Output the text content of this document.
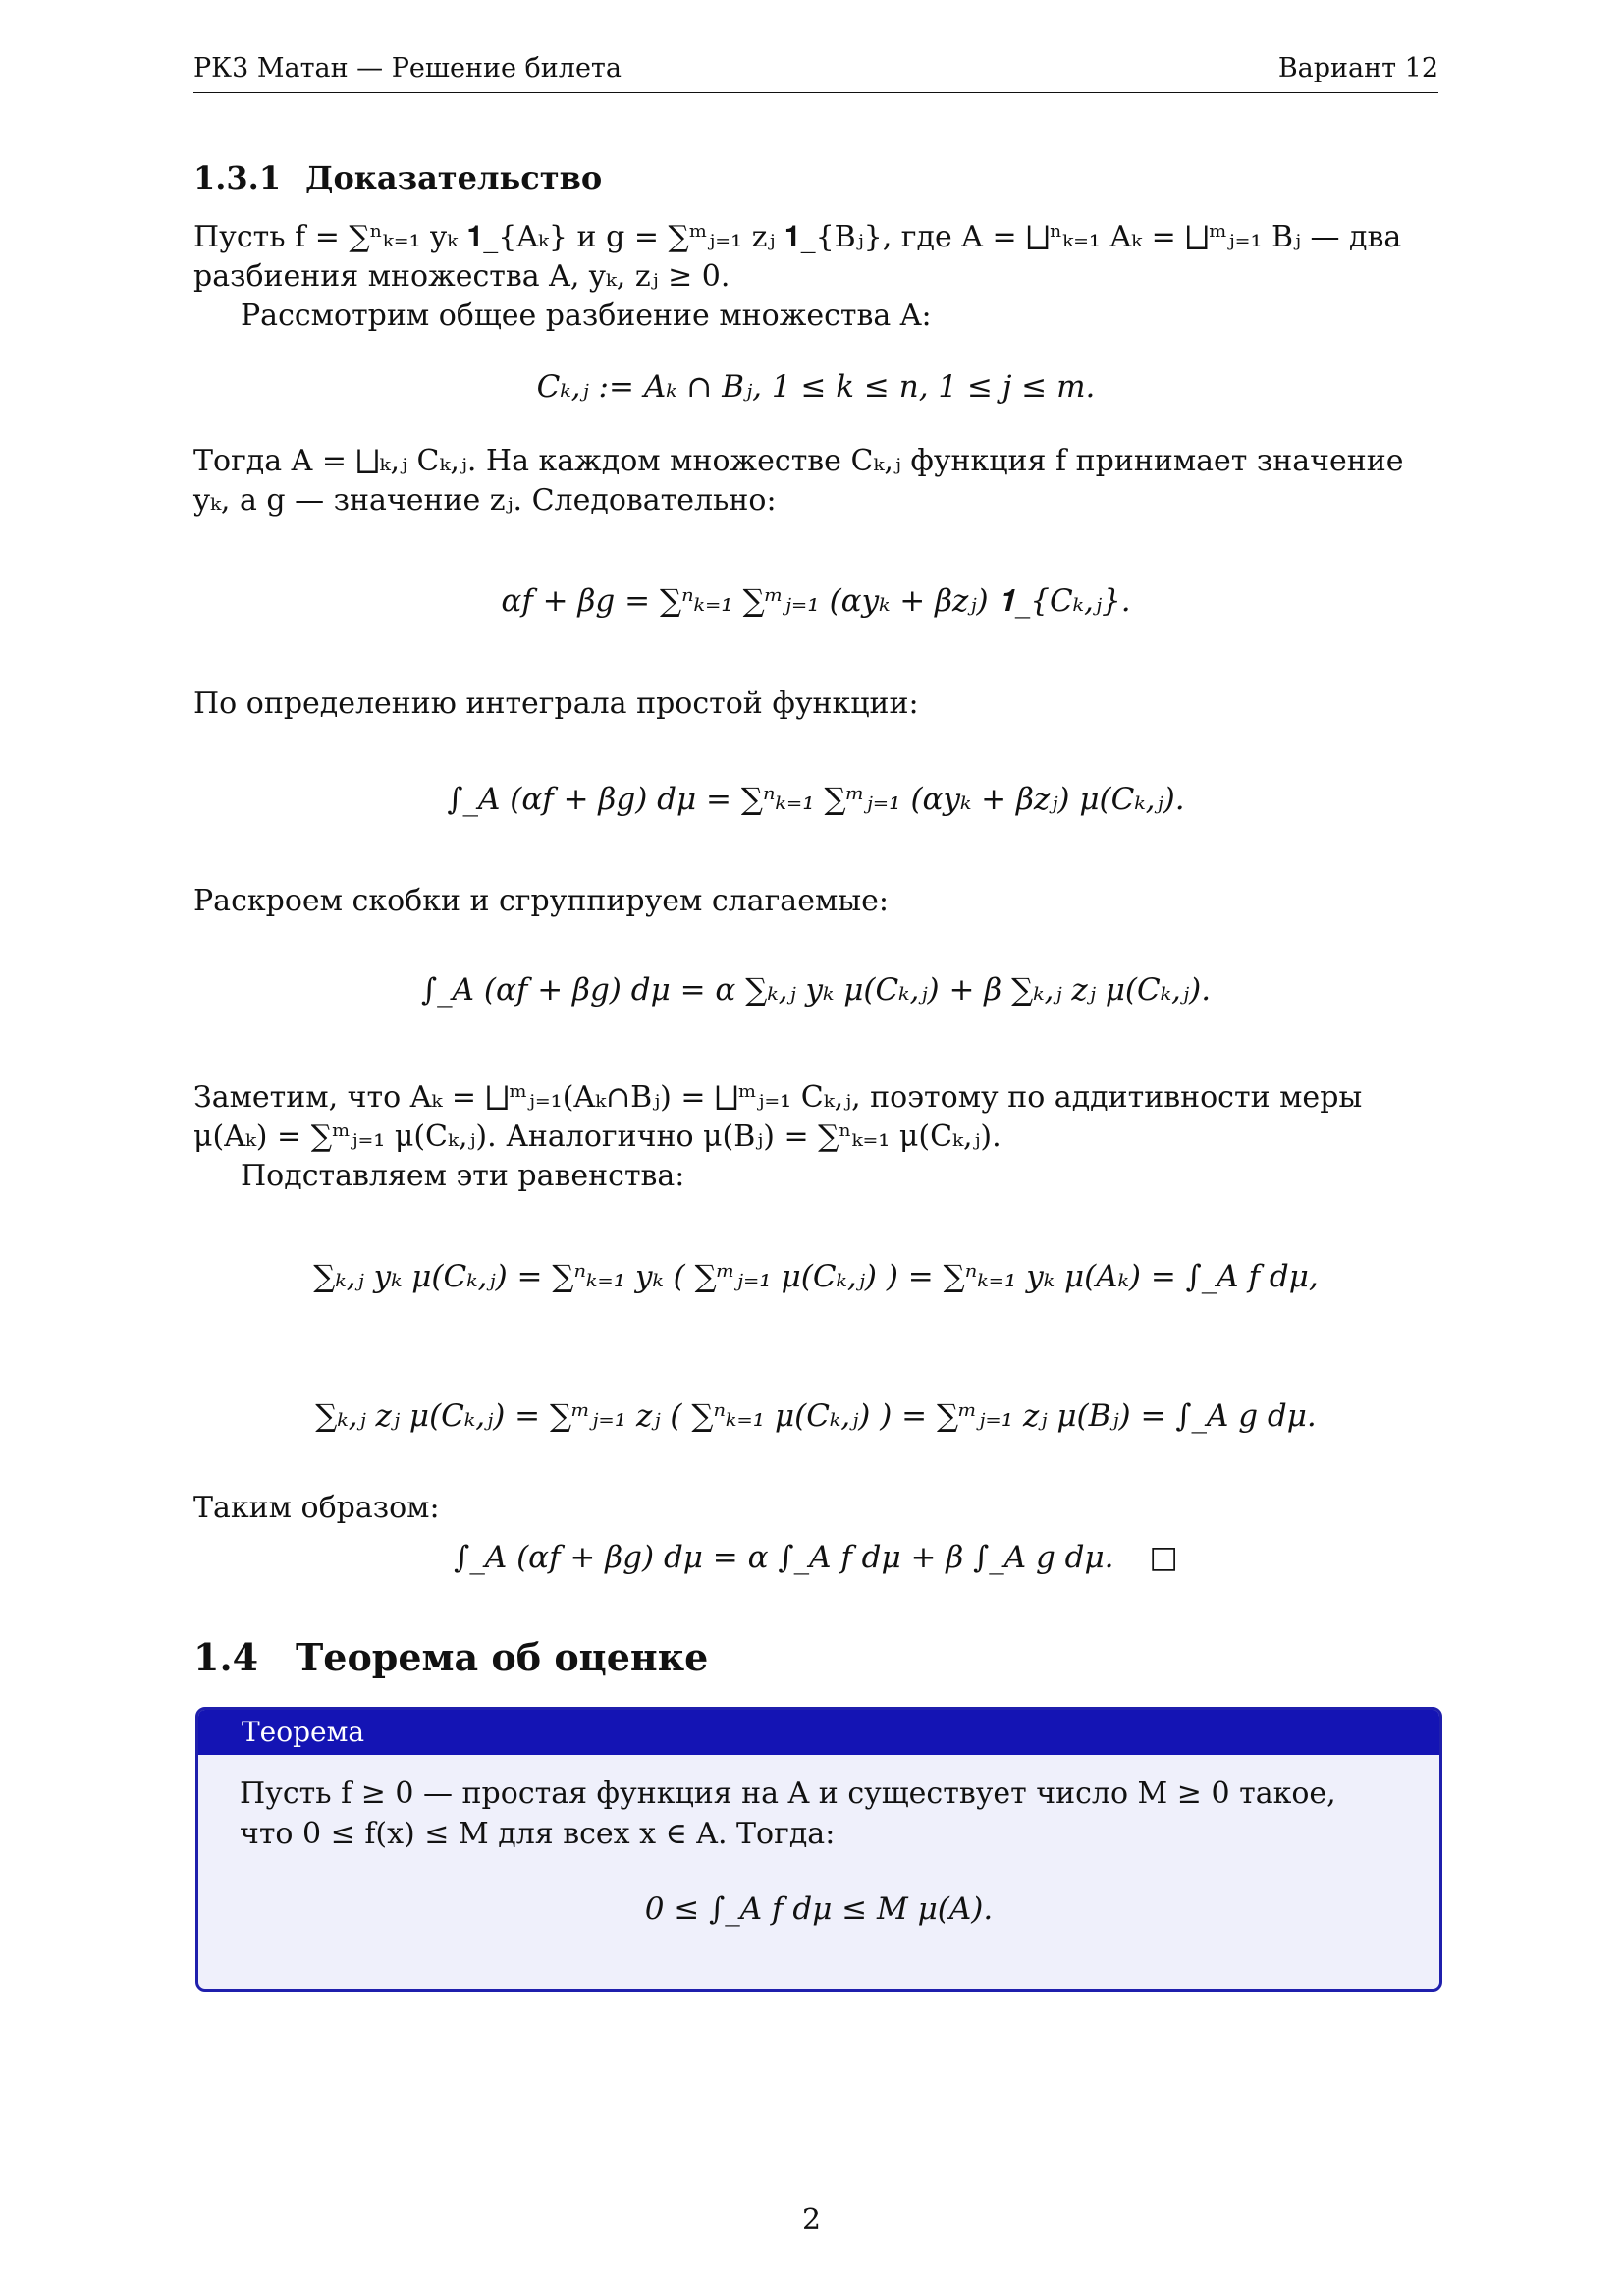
РК3 Матан — Решение билета	Вариант 12
1.3.1 Доказательство
Пусть f = ∑ⁿₖ₌₁ yₖ 𝟏_{Aₖ} и g = ∑ᵐⱼ₌₁ zⱼ 𝟏_{Bⱼ}, где A = ⨆ⁿₖ₌₁ Aₖ = ⨆ᵐⱼ₌₁ Bⱼ — два разбиения множества A, yₖ, zⱼ ≥ 0.
Рассмотрим общее разбиение множества A:
Cₖ,ⱼ := Aₖ ∩ Bⱼ, 1 ≤ k ≤ n, 1 ≤ j ≤ m.
Тогда A = ⨆ₖ,ⱼ Cₖ,ⱼ. На каждом множестве Cₖ,ⱼ функция f принимает значение yₖ, а g — значение zⱼ. Следовательно:
αf + βg = ∑ⁿₖ₌₁ ∑ᵐⱼ₌₁ (αyₖ + βzⱼ) 𝟏_{Cₖ,ⱼ}.
По определению интеграла простой функции:
∫_A (αf + βg) dμ = ∑ⁿₖ₌₁ ∑ᵐⱼ₌₁ (αyₖ + βzⱼ) μ(Cₖ,ⱼ).
Раскроем скобки и сгруппируем слагаемые:
∫_A (αf + βg) dμ = α ∑ₖ,ⱼ yₖ μ(Cₖ,ⱼ) + β ∑ₖ,ⱼ zⱼ μ(Cₖ,ⱼ).
Заметим, что Aₖ = ⨆ᵐⱼ₌₁(Aₖ∩Bⱼ) = ⨆ᵐⱼ₌₁ Cₖ,ⱼ, поэтому по аддитивности меры μ(Aₖ) = ∑ᵐⱼ₌₁ μ(Cₖ,ⱼ). Аналогично μ(Bⱼ) = ∑ⁿₖ₌₁ μ(Cₖ,ⱼ).
Подставляем эти равенства:
∑ₖ,ⱼ yₖ μ(Cₖ,ⱼ) = ∑ⁿₖ₌₁ yₖ ( ∑ᵐⱼ₌₁ μ(Cₖ,ⱼ) ) = ∑ⁿₖ₌₁ yₖ μ(Aₖ) = ∫_A f dμ,
∑ₖ,ⱼ zⱼ μ(Cₖ,ⱼ) = ∑ᵐⱼ₌₁ zⱼ ( ∑ⁿₖ₌₁ μ(Cₖ,ⱼ) ) = ∑ᵐⱼ₌₁ zⱼ μ(Bⱼ) = ∫_A g dμ.
Таким образом:
∫_A (αf + βg) dμ = α ∫_A f dμ + β ∫_A g dμ. □
1.4 Теорема об оценке
Теорема
Пусть f ≥ 0 — простая функция на A и существует число M ≥ 0 такое, что 0 ≤ f(x) ≤ M для всех x ∈ A. Тогда:
0 ≤ ∫_A f dμ ≤ M μ(A).
2
